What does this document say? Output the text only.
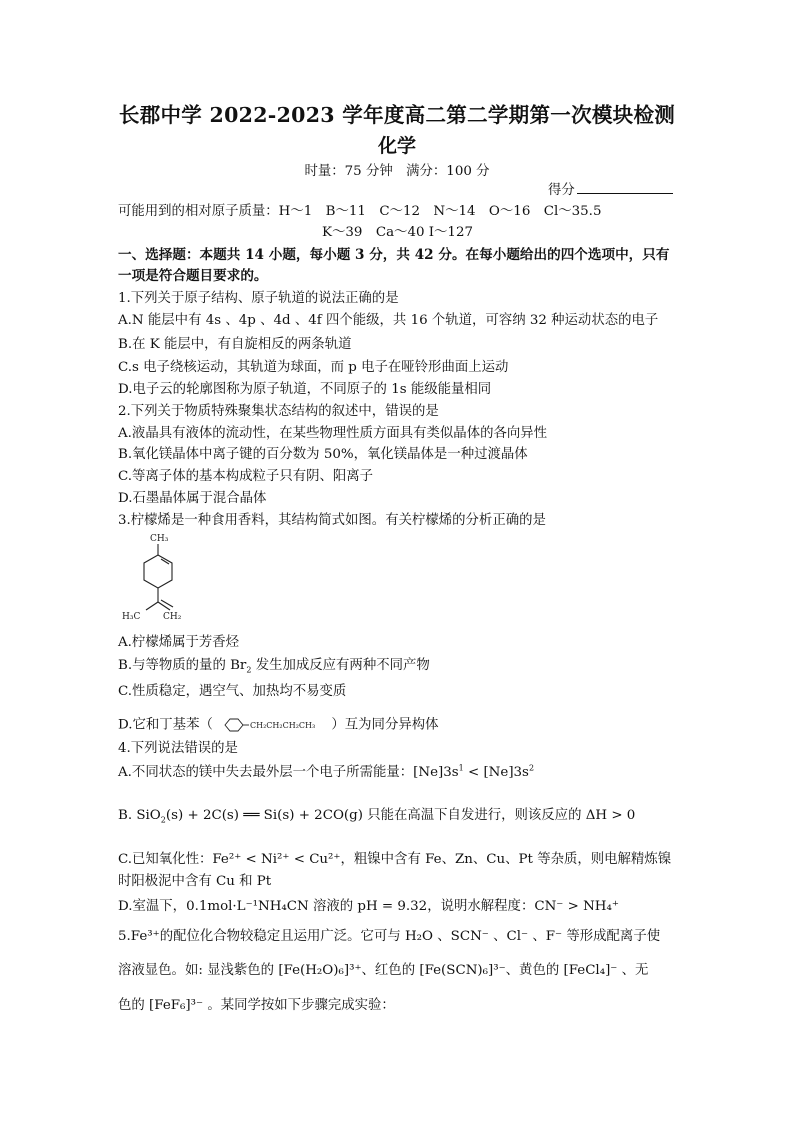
长郡中学 2022-2023 学年度高二第二学期第一次模块检测
化学
时量：75 分钟　满分：100 分
得分
可能用到的相对原子质量：H～1　B～11　C～12　N～14　O～16　Cl～35.5
K～39　Ca～40 I～127
一、选择题：本题共 14 小题，每小题 3 分，共 42 分。在每小题给出的四个选项中，只有
一项是符合题目要求的。
1.下列关于原子结构、原子轨道的说法正确的是
A.N 能层中有 4s 、4p 、4d 、4f 四个能级，共 16 个轨道，可容纳 32 种运动状态的电子
B.在 K 能层中，有自旋相反的两条轨道
C.s 电子绕核运动，其轨道为球面，而 p 电子在哑铃形曲面上运动
D.电子云的轮廓图称为原子轨道，不同原子的 1s 能级能量相同
2.下列关于物质特殊聚集状态结构的叙述中，错误的是
A.液晶具有液体的流动性，在某些物理性质方面具有类似晶体的各向异性
B.氧化镁晶体中离子键的百分数为 50%，氧化镁晶体是一种过渡晶体
C.等离子体的基本构成粒子只有阴、阳离子
D.石墨晶体属于混合晶体
3.柠檬烯是一种食用香料，其结构简式如图。有关柠檬烯的分析正确的是
CH₃
H₃C	CH₂
A.柠檬烯属于芳香烃
B.与等物质的量的 $Br_2$ 发生加成反应有两种不同产物
C.性质稳定，遇空气、加热均不易变质
D.它和丁基苯（	CH₂CH₂CH₂CH₃ ）互为同分异构体
4.下列说法错误的是
A.不同状态的镁中失去最外层一个电子所需能量：$[Ne]3s^1 < [Ne]3s^2$
B. SiO$_2$(s) + 2C(s) ══ Si(s) + 2CO(g) 只能在高温下自发进行，则该反应的 ΔH > 0
C.已知氧化性：Fe²⁺ < Ni²⁺ < Cu²⁺，粗镍中含有 Fe、Zn、Cu、Pt 等杂质，则电解精炼镍
时阳极泥中含有 Cu 和 Pt
D.室温下，0.1mol·L⁻¹NH₄CN 溶液的 pH = 9.32，说明水解程度：CN⁻ > NH₄⁺
5.Fe³⁺的配位化合物较稳定且运用广泛。它可与 H₂O 、SCN⁻ 、Cl⁻ 、F⁻ 等形成配离子使
溶液显色。如: 显浅紫色的 [Fe(H₂O)₆]³⁺、红色的 [Fe(SCN)₆]³⁻、黄色的 [FeCl₄]⁻ 、无
色的 [FeF₆]³⁻ 。某同学按如下步骤完成实验：
